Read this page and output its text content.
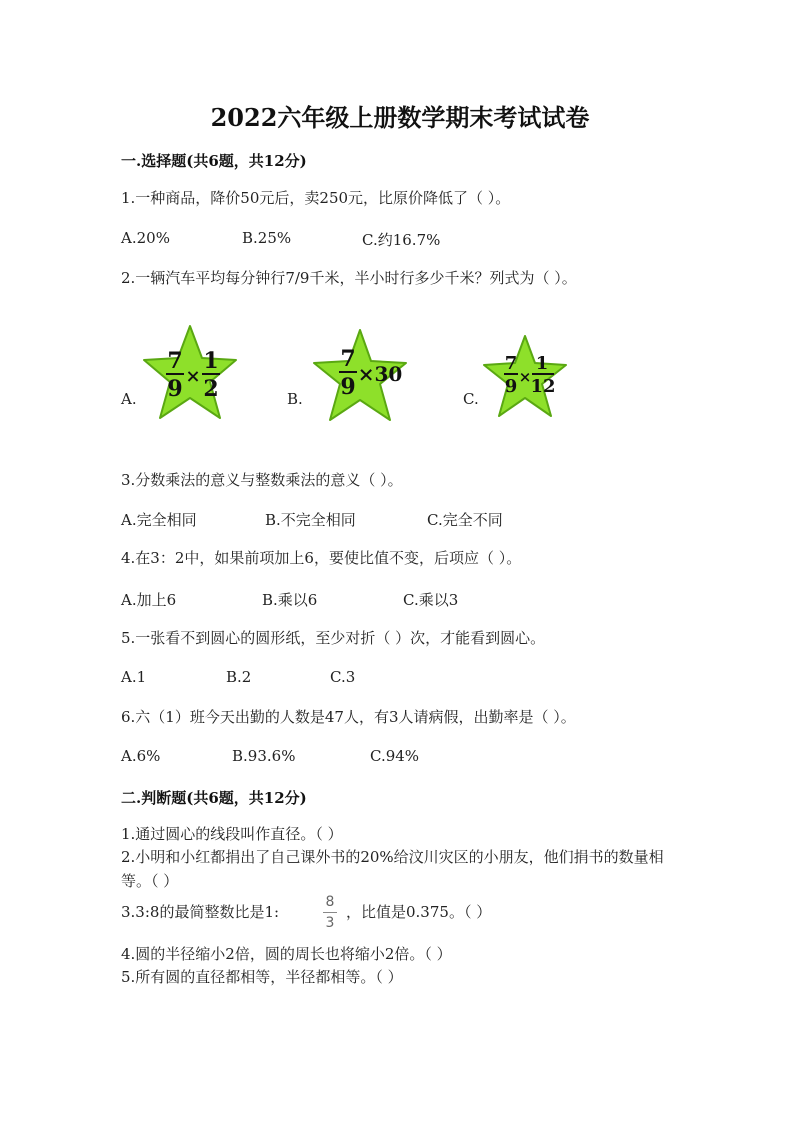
2022六年级上册数学期末考试试卷
一.选择题(共6题，共12分)
1.一种商品，降价50元后，卖250元，比原价降低了（ ）。
A.20%	B.25%	C.约16.7%
2.一辆汽车平均每分钟行7/9千米，半小时行多少千米？列式为（ ）。
A.
7
9 ×
1
2	B.
7
9 ×30
C.
7
9 ×
1
12
3.分数乘法的意义与整数乘法的意义（ ）。
A.完全相同	B.不完全相同	C.完全不同
4.在3：2中，如果前项加上6，要使比值不变，后项应（ ）。
A.加上6	B.乘以6	C.乘以3
5.一张看不到圆心的圆形纸，至少对折（ ）次，才能看到圆心。
A.1	B.2	C.3
6.六（1）班今天出勤的人数是47人，有3人请病假，出勤率是（ ）。
A.6%	B.93.6%	C.94%
二.判断题(共6题，共12分)
1.通过圆心的线段叫作直径。（ ）
2.小明和小红都捐出了自己课外书的20%给汶川灾区的小朋友，他们捐书的数量相等。（ ）
3.3:8的最简整数比是1:
8
3
，比值是0.375。（ ）
4.圆的半径缩小2倍，圆的周长也将缩小2倍。（ ）
5.所有圆的直径都相等，半径都相等。（ ）
